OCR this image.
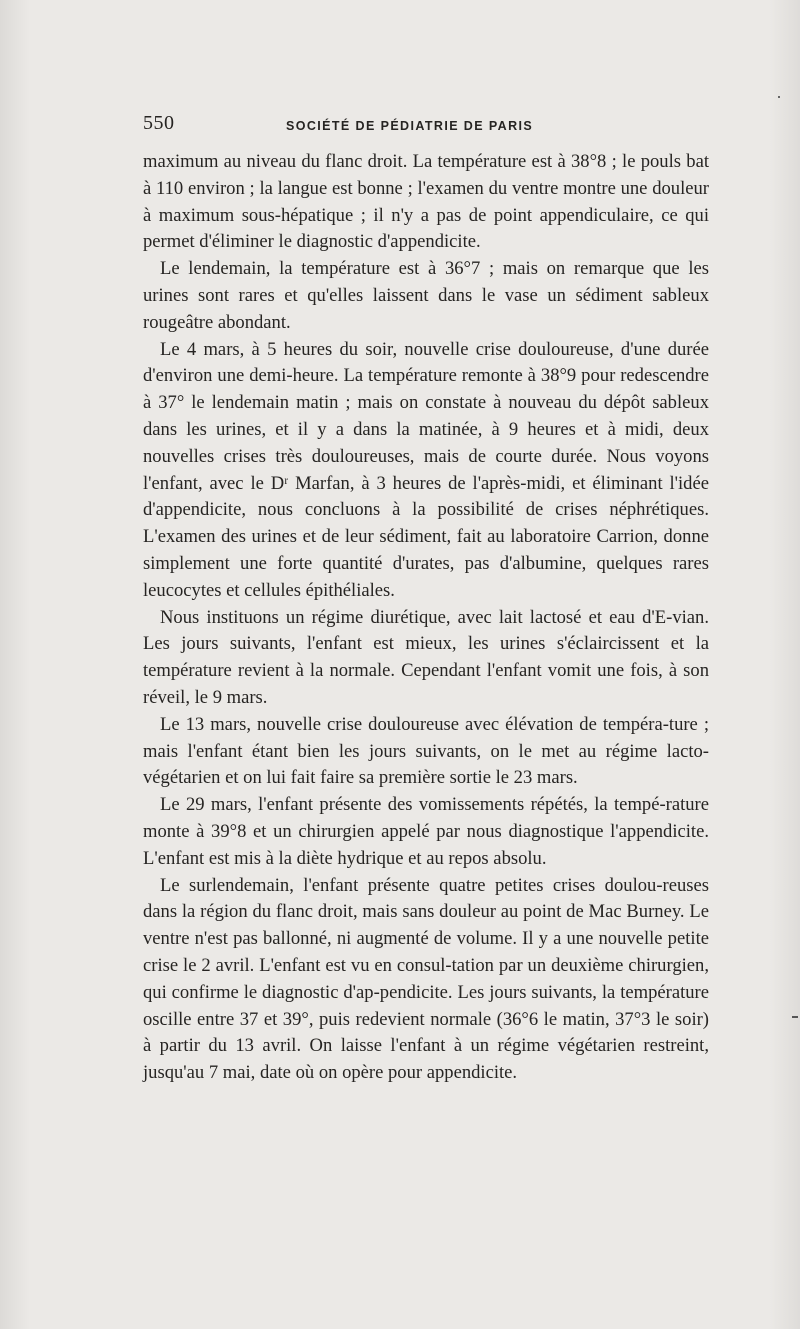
550	SOCIÉTÉ DE PÉDIATRIE DE PARIS

maximum au niveau du flanc droit. La température est à 38°8 ; le pouls bat à 110 environ ; la langue est bonne ; l'examen du ventre montre une douleur à maximum sous-hépatique ; il n'y a pas de point appendiculaire, ce qui permet d'éliminer le diagnostic d'appendicite.

Le lendemain, la température est à 36°7 ; mais on remarque que les urines sont rares et qu'elles laissent dans le vase un sédiment sableux rougeâtre abondant.

Le 4 mars, à 5 heures du soir, nouvelle crise douloureuse, d'une durée d'environ une demi-heure. La température remonte à 38°9 pour redescendre à 37° le lendemain matin ; mais on constate à nouveau du dépôt sableux dans les urines, et il y a dans la matinée, à 9 heures et à midi, deux nouvelles crises très douloureuses, mais de courte durée. Nous voyons l'enfant, avec le Dʳ Marfan, à 3 heures de l'après-midi, et éliminant l'idée d'appendicite, nous concluons à la possibilité de crises néphrétiques. L'examen des urines et de leur sédiment, fait au laboratoire Carrion, donne simplement une forte quantité d'urates, pas d'albumine, quelques rares leucocytes et cellules épithéliales.

Nous instituons un régime diurétique, avec lait lactosé et eau d'E-vian. Les jours suivants, l'enfant est mieux, les urines s'éclaircissent et la température revient à la normale. Cependant l'enfant vomit une fois, à son réveil, le 9 mars.

Le 13 mars, nouvelle crise douloureuse avec élévation de tempéra-ture ; mais l'enfant étant bien les jours suivants, on le met au régime lacto-végétarien et on lui fait faire sa première sortie le 23 mars.

Le 29 mars, l'enfant présente des vomissements répétés, la tempé-rature monte à 39°8 et un chirurgien appelé par nous diagnostique l'appendicite. L'enfant est mis à la diète hydrique et au repos absolu.

Le surlendemain, l'enfant présente quatre petites crises doulou-reuses dans la région du flanc droit, mais sans douleur au point de Mac Burney. Le ventre n'est pas ballonné, ni augmenté de volume. Il y a une nouvelle petite crise le 2 avril. L'enfant est vu en consul-tation par un deuxième chirurgien, qui confirme le diagnostic d'ap-pendicite. Les jours suivants, la température oscille entre 37 et 39°, puis redevient normale (36°6 le matin, 37°3 le soir) à partir du 13 avril. On laisse l'enfant à un régime végétarien restreint, jusqu'au 7 mai, date où on opère pour appendicite.
